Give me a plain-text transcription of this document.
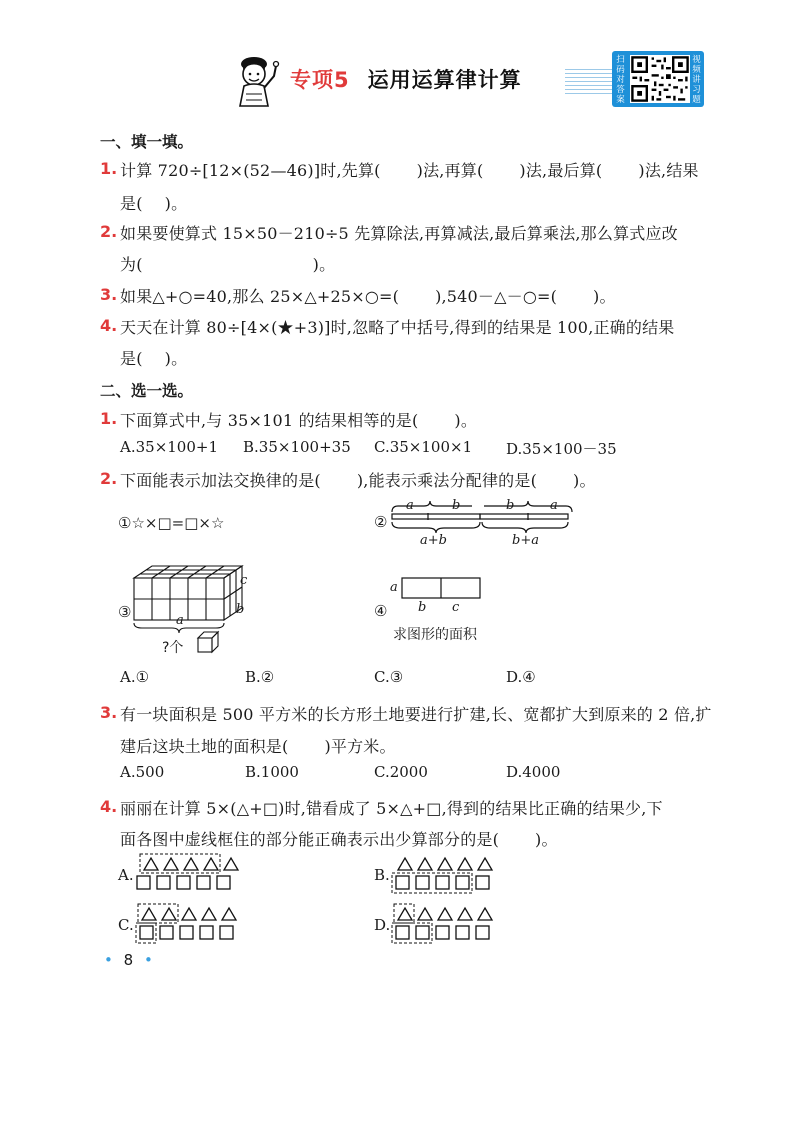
专项5 运用运算律计算
扫码对答案
视频讲习题
一、填一填。
1. 计算 720÷[12×(52—46)]时,先算( )法,再算( )法,最后算( )法,结果
是( )。
2. 如果要使算式 15×50－210÷5 先算除法,再算减法,最后算乘法,那么算式应改
为(	)。
3. 如果△+○=40,那么 25×△+25×○=( ),540－△－○=( )。
4. 天天在计算 80÷[4×(★+3)]时,忽略了中括号,得到的结果是 100,正确的结果
是( )。
二、选一选。
1. 下面算式中,与 35×101 的结果相等的是( )。
A.35×100+1 B.35×100+35 C.35×100×1 D.35×100－35
2. 下面能表示加法交换律的是( ),能表示乘法分配律的是( )。
①☆×□=□×☆	②
a	b	b	a
a+b	b+a
③
c
b
a
?个
④
a
b c
求图形的面积
A.①	B.②	C.③	D.④
3. 有一块面积是 500 平方米的长方形土地要进行扩建,长、宽都扩大到原来的 2 倍,扩
建后这块土地的面积是( )平方米。
A.500	B.1000	C.2000	D.4000
4. 丽丽在计算 5×(△+□)时,错看成了 5×△+□,得到的结果比正确的结果少,下
面各图中虚线框住的部分能正确表示出少算部分的是( )。
A.	B.
C.	D.
• 8 •
